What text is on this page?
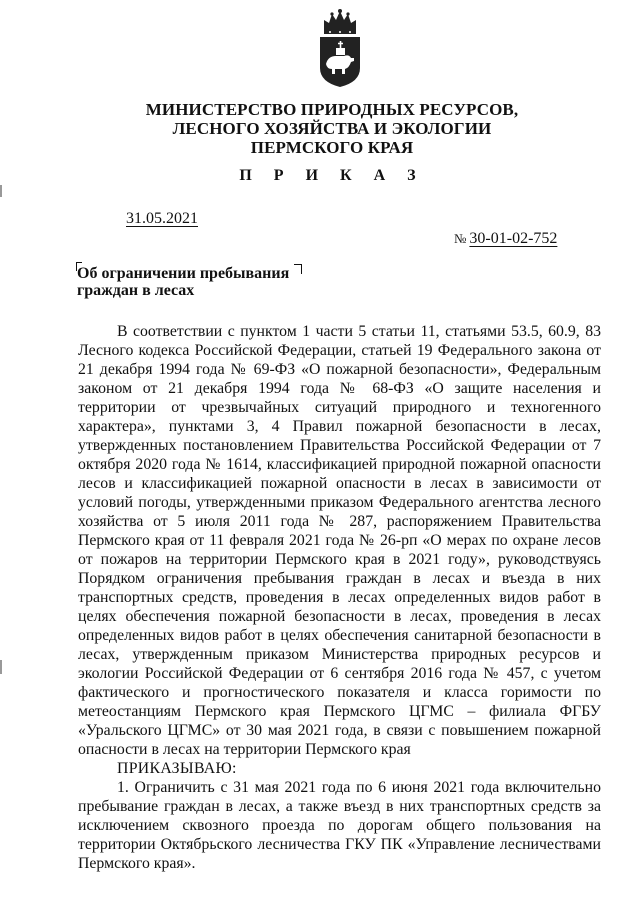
МИНИСТЕРСТВО ПРИРОДНЫХ РЕСУРСОВ,
ЛЕСНОГО ХОЗЯЙСТВА И ЭКОЛОГИИ
ПЕРМСКОГО КРАЯ
П Р И К А З
31.05.2021

№ 30-01-02-752

Об ограничении пребывания
граждан в лесах

В соответствии с пунктом 1 части 5 статьи 11, статьями 53.5, 60.9, 83 Лесного кодекса Российской Федерации, статьей 19 Федерального закона от 21 декабря 1994 года № 69-ФЗ «О пожарной безопасности», Федеральным законом от 21 декабря 1994 года № 68-ФЗ «О защите населения и территории от чрезвычайных ситуаций природного и техногенного характера», пунктами 3, 4 Правил пожарной безопасности в лесах, утвержденных постановлением Правительства Российской Федерации от 7 октября 2020 года № 1614, классификацией природной пожарной опасности лесов и классификацией пожарной опасности в лесах в зависимости от условий погоды, утвержденными приказом Федерального агентства лесного хозяйства от 5 июля 2011 года № 287, распоряжением Правительства Пермского края от 11 февраля 2021 года № 26-рп «О мерах по охране лесов от пожаров на территории Пермского края в 2021 году», руководствуясь Порядком ограничения пребывания граждан в лесах и въезда в них транспортных средств, проведения в лесах определенных видов работ в целях обеспечения пожарной безопасности в лесах, проведения в лесах определенных видов работ в целях обеспечения санитарной безопасности в лесах, утвержденным приказом Министерства природных ресурсов и экологии Российской Федерации от 6 сентября 2016 года № 457, с учетом фактического и прогностического показателя и класса горимости по метеостанциям Пермского края Пермского ЦГМС – филиала ФГБУ «Уральского ЦГМС» от 30 мая 2021 года, в связи с повышением пожарной опасности в лесах на территории Пермского края

ПРИКАЗЫВАЮ:

1. Ограничить с 31 мая 2021 года по 6 июня 2021 года включительно пребывание граждан в лесах, а также въезд в них транспортных средств за исключением сквозного проезда по дорогам общего пользования на территории Октябрьского лесничества ГКУ ПК «Управление лесничествами Пермского края».
